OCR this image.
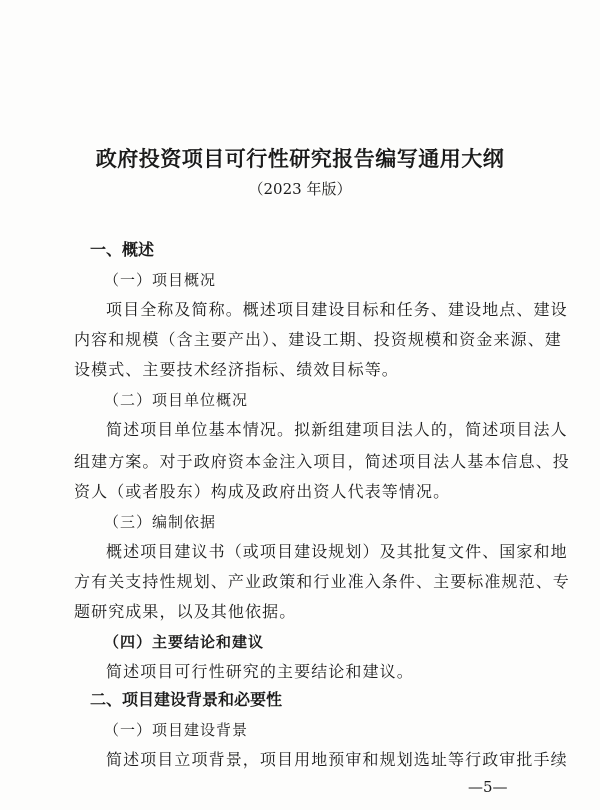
政府投资项目可行性研究报告编写通用大纲
（2023 年版）
一、概述
（一）项目概况
项目全称及简称。概述项目建设目标和任务、建设地点、建设
内容和规模（含主要产出）、建设工期、投资规模和资金来源、建
设模式、主要技术经济指标、绩效目标等。
（二）项目单位概况
简述项目单位基本情况。拟新组建项目法人的，简述项目法人
组建方案。对于政府资本金注入项目，简述项目法人基本信息、投
资人（或者股东）构成及政府出资人代表等情况。
（三）编制依据
概述项目建议书（或项目建设规划）及其批复文件、国家和地
方有关支持性规划、产业政策和行业准入条件、主要标准规范、专
题研究成果，以及其他依据。
（四）主要结论和建议
简述项目可行性研究的主要结论和建议。
二、项目建设背景和必要性
（一）项目建设背景
简述项目立项背景，项目用地预审和规划选址等行政审批手续
—5—
